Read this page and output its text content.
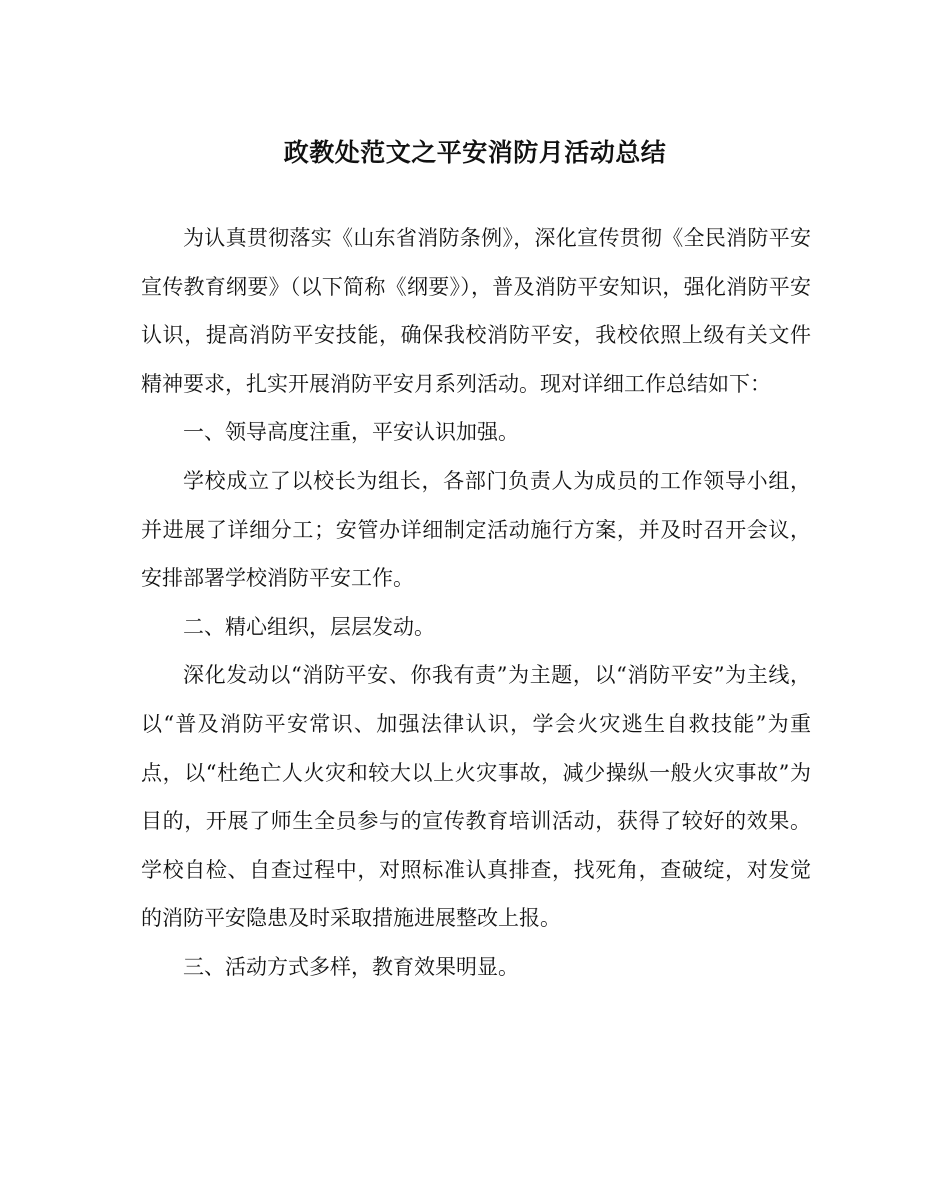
政教处范文之平安消防月活动总结

为认真贯彻落实《山东省消防条例》，深化宣传贯彻《全民消防平安宣传教育纲要》（以下简称《纲要》），普及消防平安知识，强化消防平安认识，提高消防平安技能，确保我校消防平安，我校依照上级有关文件精神要求，扎实开展消防平安月系列活动。现对详细工作总结如下：

一、领导高度注重，平安认识加强。

学校成立了以校长为组长，各部门负责人为成员的工作领导小组，并进展了详细分工；安管办详细制定活动施行方案，并及时召开会议，安排部署学校消防平安工作。

二、精心组织，层层发动。

深化发动以“消防平安、你我有责”为主题，以“消防平安”为主线，以“普及消防平安常识、加强法律认识，学会火灾逃生自救技能”为重点，以“杜绝亡人火灾和较大以上火灾事故，减少操纵一般火灾事故”为目的，开展了师生全员参与的宣传教育培训活动，获得了较好的效果。学校自检、自查过程中，对照标准认真排查，找死角，查破绽，对发觉的消防平安隐患及时采取措施进展整改上报。

三、活动方式多样，教育效果明显。
